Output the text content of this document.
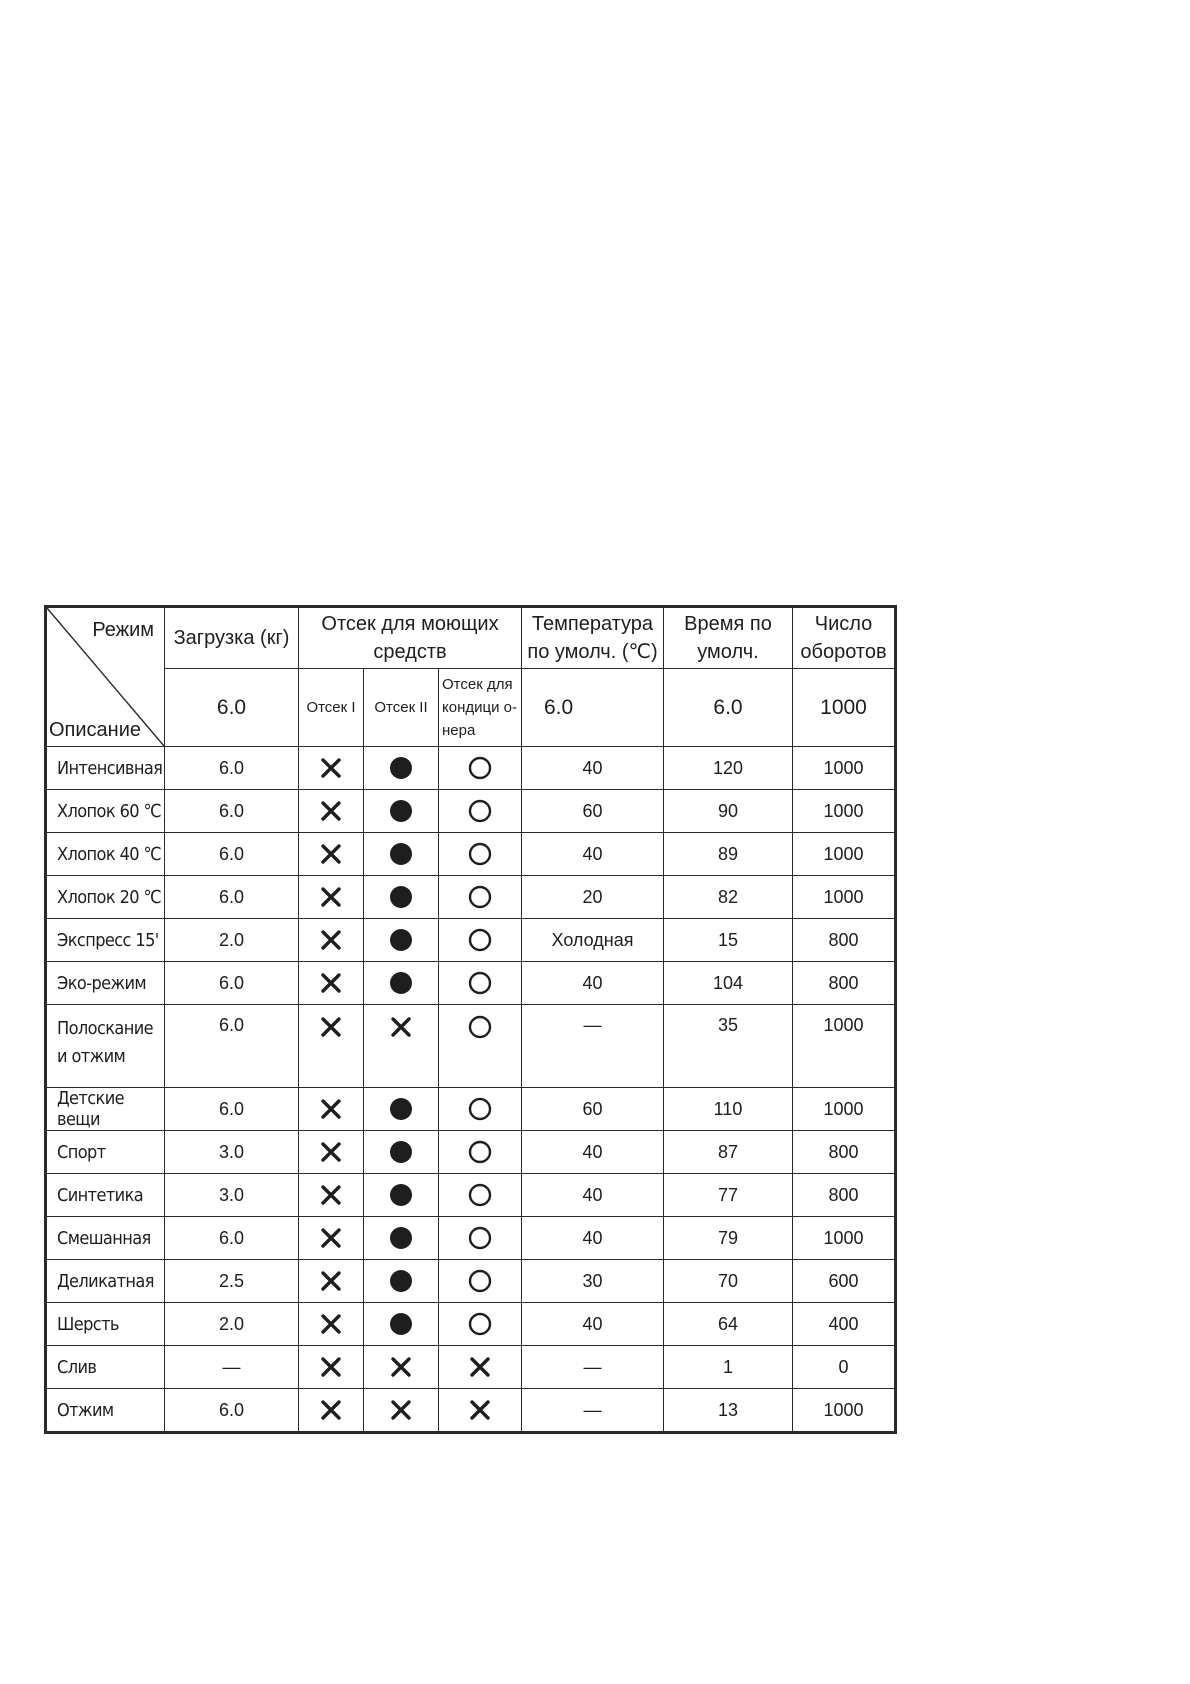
Режим
Описание	Загрузка (кг)	Отсек для моющих средств			Температура по умолч. (℃)	Время по умолч.	Число оборотов
	6.0	Отсек I	Отсек II	Отсек для кондици о-нера	6.0	6.0	1000
Интенсивная	6.0				40	120	1000
Хлопок 60 ℃	6.0				60	90	1000
Хлопок 40 ℃	6.0				40	89	1000
Хлопок 20 ℃	6.0				20	82	1000
Экспресс 15'	2.0				Холодная	15	800
Эко-режим	6.0				40	104	800
Полоскание
и отжим	6.0				—	35	1000
Детские вещи	6.0				60	110	1000
Спорт	3.0				40	87	800
Синтетика	3.0				40	77	800
Смешанная	6.0				40	79	1000
Деликатная	2.5				30	70	600
Шерсть	2.0				40	64	400
Слив	—				—	1	0
Отжим	6.0				—	13	1000
